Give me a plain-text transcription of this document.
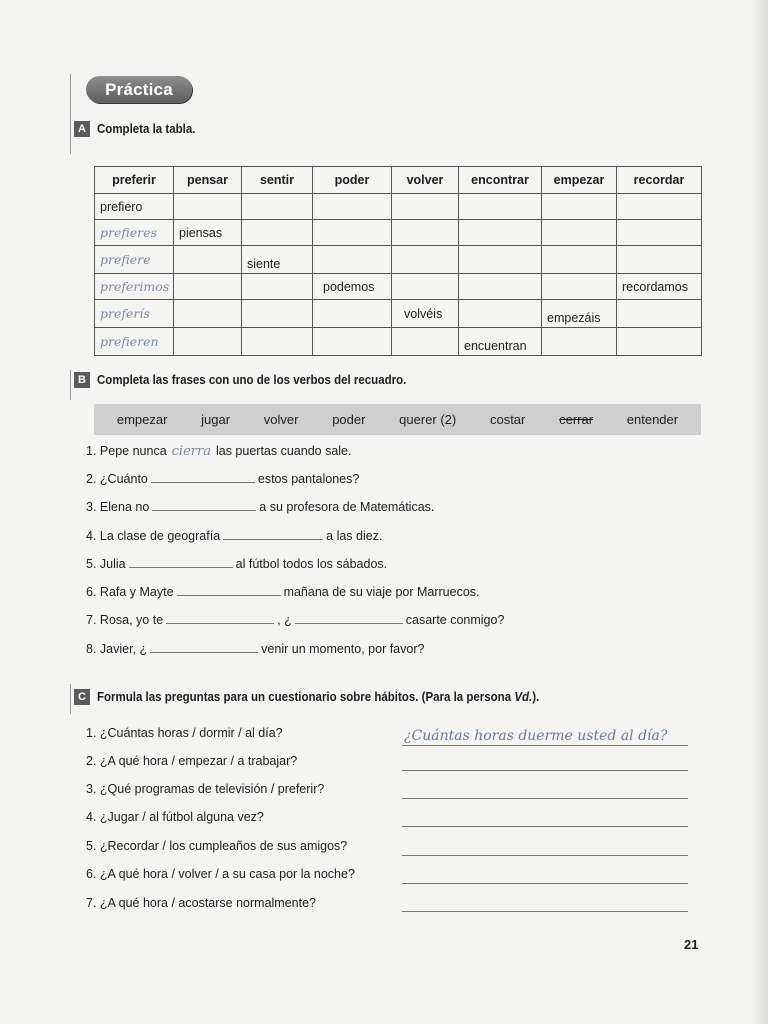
Práctica
A Completa la tabla.
preferir	pensar	sentir	poder	volver	encontrar	empezar	recordar
prefiero							
prefieres	piensas						
prefiere		siente					
preferimos			podemos				recordamos
preferís				volvéis		empezáis	
prefieren					encuentran		
B Completa las frases con uno de los verbos del recuadro.
empezar	jugar	volver	poder	querer (2)	costar	cerrar	entender
1. Pepe nunca cierra las puertas cuando sale.
2. ¿Cuánto	estos pantalones?
3. Elena no	a su profesora de Matemáticas.
4. La clase de geografía	a las diez.
5. Julia	al fútbol todos los sábados.
6. Rafa y Mayte	mañana de su viaje por Marruecos.
7. Rosa, yo te	, ¿	casarte conmigo?
8. Javier, ¿	venir un momento, por favor?
C Formula las preguntas para un cuestionario sobre hábitos. (Para la persona Vd.).
1. ¿Cuántas horas / dormir / al día?
2. ¿A qué hora / empezar / a trabajar?
3. ¿Qué programas de televisión / preferir?
4. ¿Jugar / al fútbol alguna vez?
5. ¿Recordar / los cumpleaños de sus amigos?
6. ¿A qué hora / volver / a su casa por la noche?
7. ¿A qué hora / acostarse normalmente?
¿Cuántas horas duerme usted al día?
21
